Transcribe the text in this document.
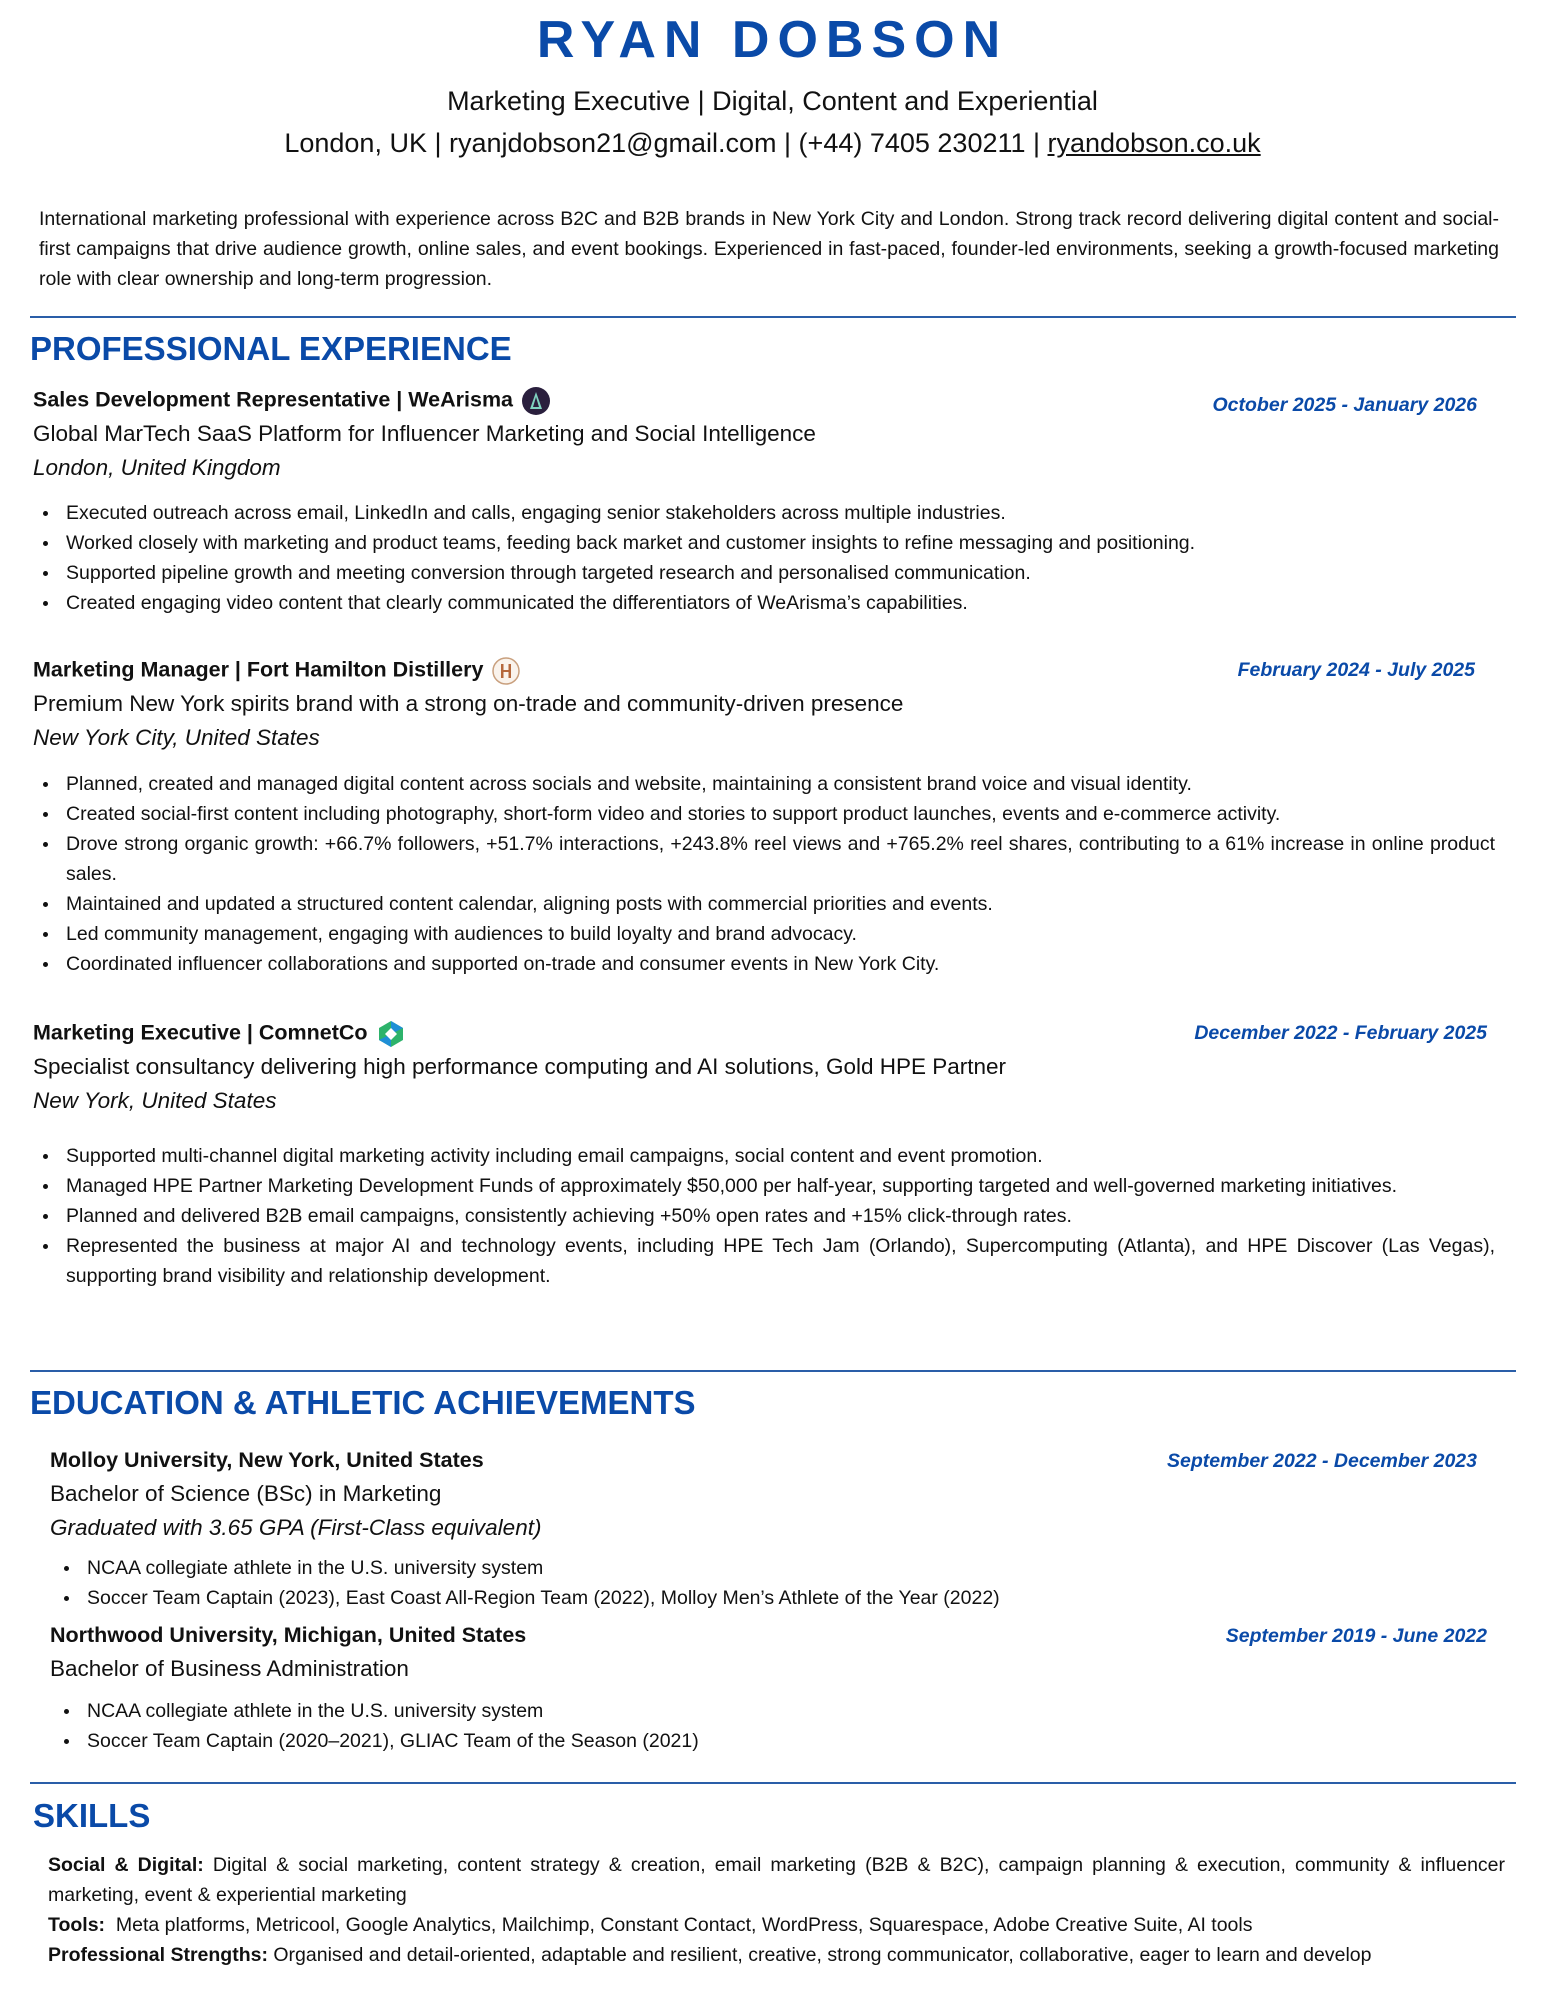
RYAN DOBSON
Marketing Executive | Digital, Content and Experiential
London, UK | ryanjdobson21@gmail.com | (+44) 7405 230211 | ryandobson.co.uk
International marketing professional with experience across B2C and B2B brands in New York City and London. Strong track record delivering digital content and social-first campaigns that drive audience growth, online sales, and event bookings. Experienced in fast-paced, founder-led environments, seeking a growth-focused marketing role with clear ownership and long-term progression.
PROFESSIONAL EXPERIENCE
Sales Development Representative | WeArisma	October 2025 - January 2026
Global MarTech SaaS Platform for Influencer Marketing and Social Intelligence
London, United Kingdom
Executed outreach across email, LinkedIn and calls, engaging senior stakeholders across multiple industries.
Worked closely with marketing and product teams, feeding back market and customer insights to refine messaging and positioning.
Supported pipeline growth and meeting conversion through targeted research and personalised communication.
Created engaging video content that clearly communicated the differentiators of WeArisma’s capabilities.
Marketing Manager | Fort Hamilton Distillery	February 2024 - July 2025
Premium New York spirits brand with a strong on-trade and community-driven presence
New York City, United States
Planned, created and managed digital content across socials and website, maintaining a consistent brand voice and visual identity.
Created social-first content including photography, short-form video and stories to support product launches, events and e-commerce activity.
Drove strong organic growth: +66.7% followers, +51.7% interactions, +243.8% reel views and +765.2% reel shares, contributing to a 61% increase in online product sales.
Maintained and updated a structured content calendar, aligning posts with commercial priorities and events.
Led community management, engaging with audiences to build loyalty and brand advocacy.
Coordinated influencer collaborations and supported on-trade and consumer events in New York City.
Marketing Executive | ComnetCo	December 2022 - February 2025
Specialist consultancy delivering high performance computing and AI solutions, Gold HPE Partner
New York, United States
Supported multi-channel digital marketing activity including email campaigns, social content and event promotion.
Managed HPE Partner Marketing Development Funds of approximately $50,000 per half-year, supporting targeted and well-governed marketing initiatives.
Planned and delivered B2B email campaigns, consistently achieving +50% open rates and +15% click-through rates.
Represented the business at major AI and technology events, including HPE Tech Jam (Orlando), Supercomputing (Atlanta), and HPE Discover (Las Vegas), supporting brand visibility and relationship development.
EDUCATION & ATHLETIC ACHIEVEMENTS
Molloy University, New York, United States	September 2022 - December 2023
Bachelor of Science (BSc) in Marketing
Graduated with 3.65 GPA (First-Class equivalent)
NCAA collegiate athlete in the U.S. university system
Soccer Team Captain (2023), East Coast All-Region Team (2022), Molloy Men’s Athlete of the Year (2022)
Northwood University, Michigan, United States	September 2019 - June 2022
Bachelor of Business Administration
NCAA collegiate athlete in the U.S. university system
Soccer Team Captain (2020–2021), GLIAC Team of the Season (2021)
SKILLS
Social & Digital: Digital & social marketing, content strategy & creation, email marketing (B2B & B2C), campaign planning & execution, community & influencer marketing, event & experiential marketing
Tools: Meta platforms, Metricool, Google Analytics, Mailchimp, Constant Contact, WordPress, Squarespace, Adobe Creative Suite, AI tools
Professional Strengths: Organised and detail-oriented, adaptable and resilient, creative, strong communicator, collaborative, eager to learn and develop
